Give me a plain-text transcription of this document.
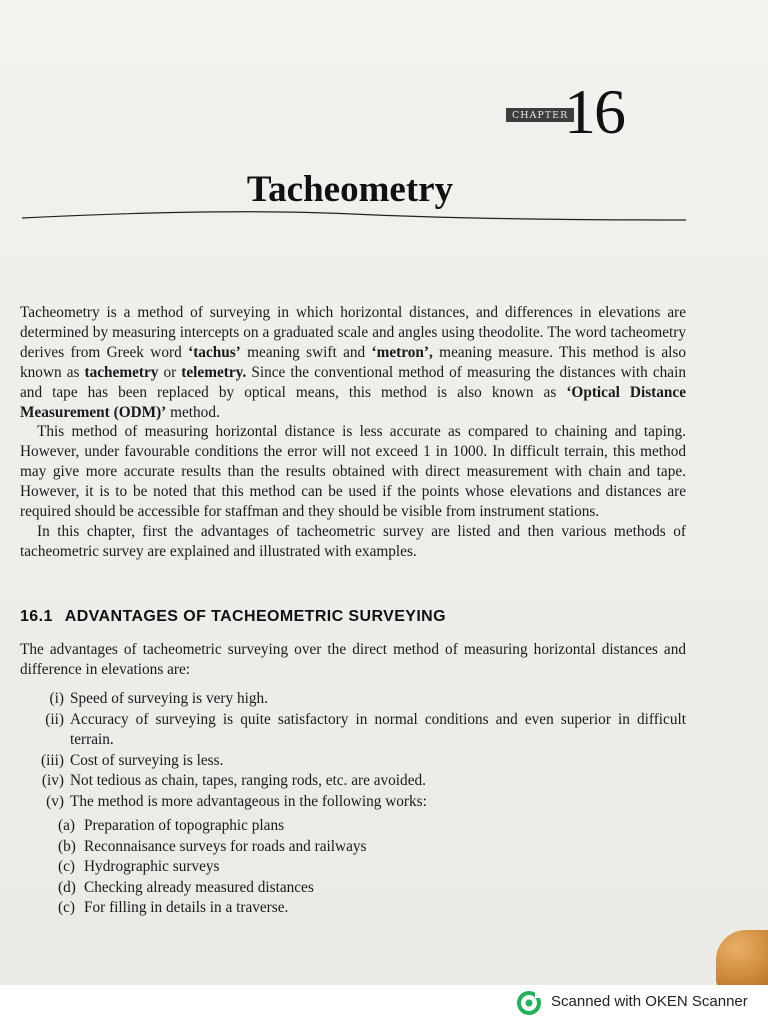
CHAPTER
16
Tacheometry

Tacheometry is a method of surveying in which horizontal distances, and differences in elevations are determined by measuring intercepts on a graduated scale and angles using theodolite. The word tacheometry derives from Greek word ‘tachus’ meaning swift and ‘metron’, meaning measure. This method is also known as tachemetry or telemetry. Since the conventional method of measuring the distances with chain and tape has been replaced by optical means, this method is also known as ‘Optical Distance Measurement (ODM)’ method.

This method of measuring horizontal distance is less accurate as compared to chaining and taping. However, under favourable conditions the error will not exceed 1 in 1000. In difficult terrain, this method may give more accurate results than the results obtained with direct measurement with chain and tape. However, it is to be noted that this method can be used if the points whose elevations and distances are required should be accessible for staffman and they should be visible from instrument stations.

In this chapter, first the advantages of tacheometric survey are listed and then various methods of tacheometric survey are explained and illustrated with examples.

16.1 ADVANTAGES OF TACHEOMETRIC SURVEYING

The advantages of tacheometric surveying over the direct method of measuring horizontal distances and difference in elevations are:

(i) Speed of surveying is very high.
(ii) Accuracy of surveying is quite satisfactory in normal conditions and even superior in difficult terrain.
(iii) Cost of surveying is less.
(iv) Not tedious as chain, tapes, ranging rods, etc. are avoided.
(v) The method is more advantageous in the following works:
(a) Preparation of topographic plans
(b) Reconnaisance surveys for roads and railways
(c) Hydrographic surveys
(d) Checking already measured distances
(c) For filling in details in a traverse.
Scanned with OKEN Scanner
